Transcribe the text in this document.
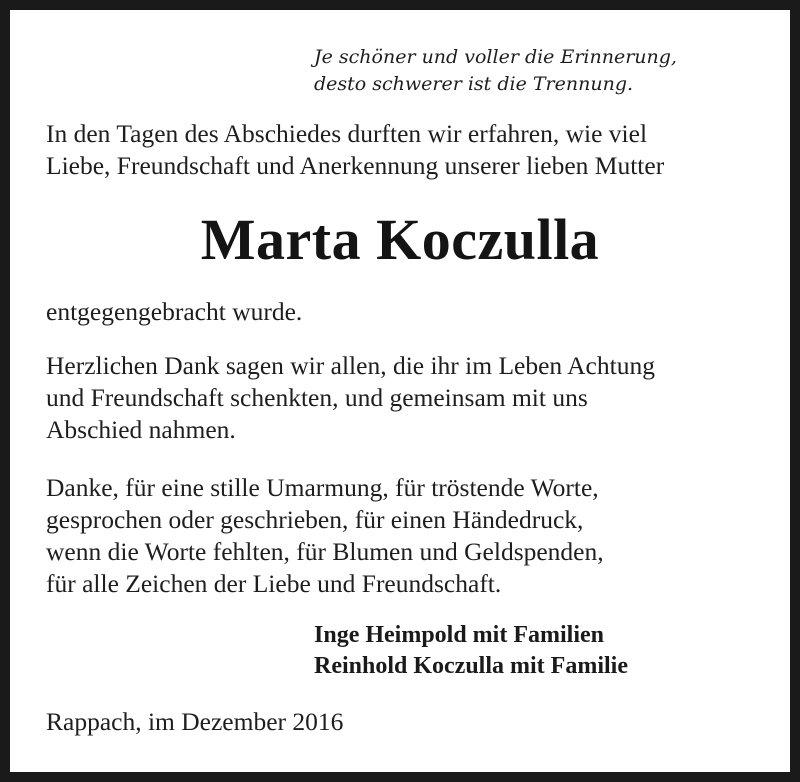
Je schöner und voller die Erinnerung,
desto schwerer ist die Trennung.
In den Tagen des Abschiedes durften wir erfahren, wie viel
Liebe, Freundschaft und Anerkennung unserer lieben Mutter
Marta Koczulla
entgegengebracht wurde.
Herzlichen Dank sagen wir allen, die ihr im Leben Achtung
und Freundschaft schenkten, und gemeinsam mit uns
Abschied nahmen.
Danke, für eine stille Umarmung, für tröstende Worte,
gesprochen oder geschrieben, für einen Händedruck,
wenn die Worte fehlten, für Blumen und Geldspenden,
für alle Zeichen der Liebe und Freundschaft.
Inge Heimpold mit Familien
Reinhold Koczulla mit Familie
Rappach, im Dezember 2016
